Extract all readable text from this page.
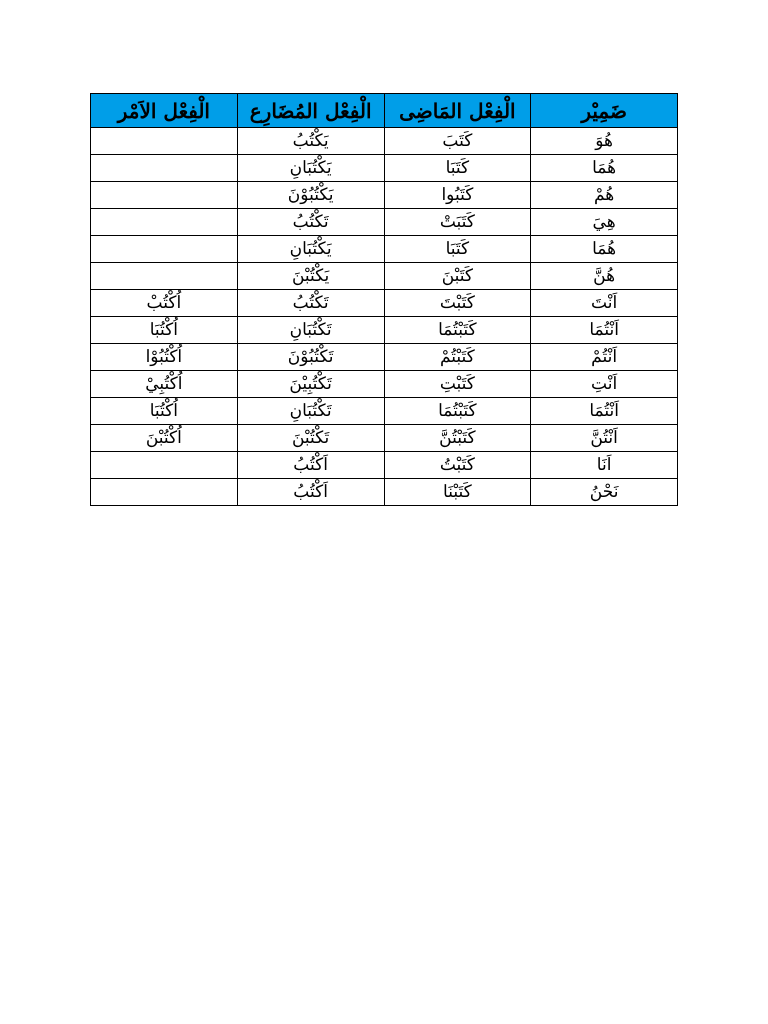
ضَمِيْر	الْفِعْل المَاضِى	الْفِعْل المُضَارِع	الْفِعْل الاَمْر
هُوَ	كَتَبَ	يَكْتُبُ	
هُمَا	كَتَبَا	يَكْتُبَانِ	
هُمْ	كَتَبُوا	يَكْتُبُوْنَ	
هِيَ	كَتَبَتْ	تَكْتُبُ	
هُمَا	كَتَبَا	يَكْتُبَانِ	
هُنَّ	كَتَبْنَ	يَكْتُبْنَ	
اَنْتَ	كَتَبْتَ	تَكْتُبُ	اُكْتُبْ
اَنْتُمَا	كَتَبْتُمَا	تَكْتُبَانِ	اُكْتُبَا
اَنْتُمْ	كَتَبْتُمْ	تَكْتُبُوْنَ	اُكْتُبُوْا
اَنْتِ	كَتَبْتِ	تَكْتُبِيْنَ	اُكْتُبِيْ
اَنْتُمَا	كَتَبْتُمَا	تَكْتُبَانِ	اُكْتُبَا
اَنْتُنَّ	كَتَبْتُنَّ	تَكْتُبْنَ	اُكْتُبْنَ
اَنَا	كَتَبْتُ	اَكْتُبُ	
نَحْنُ	كَتَبْنَا	اَكْتُبُ	
